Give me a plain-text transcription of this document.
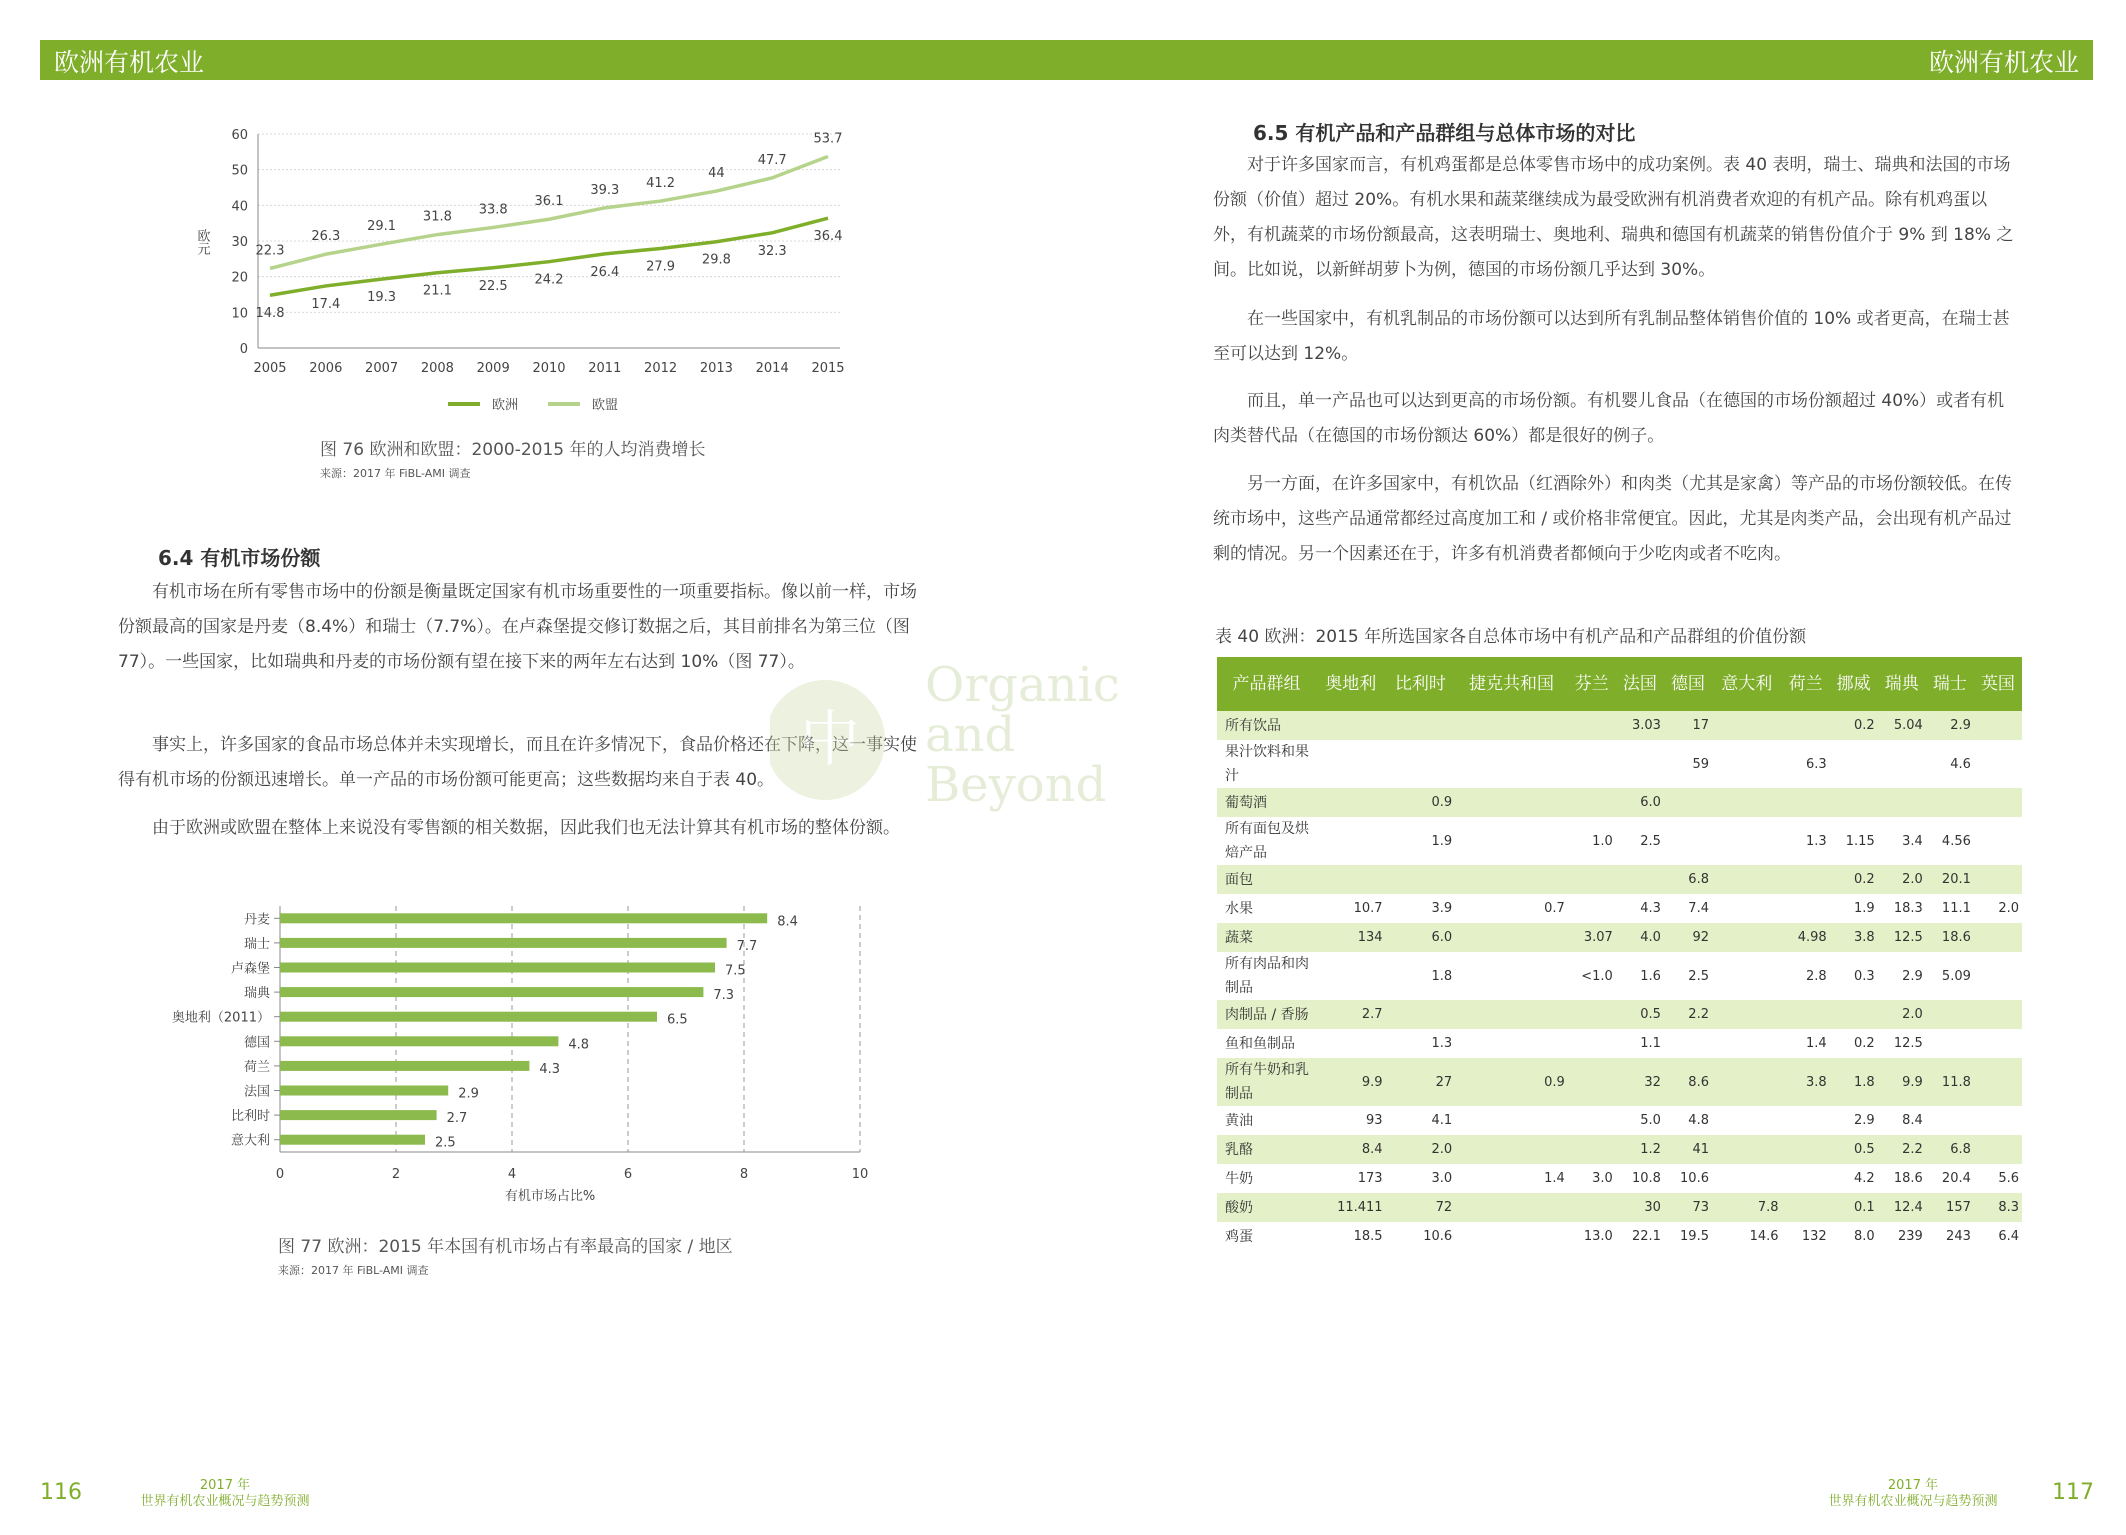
欧洲有机农业	欧洲有机农业
0
10
20
30
40
50
60
欧元
2005 2006 2007 2008 2009 2010 2011 2012 2013 2014 2015
14.8
17.4 19.3 21.1 22.5 24.2
26.4 27.9 29.8
32.3
36.4
22.3
26.3
29.1
31.8 33.8
36.1
39.3 41.2
44
47.7
53.7
欧洲	欧盟
图 76 欧洲和欧盟：2000-2015 年的人均消费增长
来源：2017 年 FiBL-AMI 调查
6.4 有机市场份额
有机市场在所有零售市场中的份额是衡量既定国家有机市场重要性的一项重要指标。像以前一样，市场份额最高的国家是丹麦（8.4%）和瑞士（7.7%）。在卢森堡提交修订数据之后，其目前排名为第三位（图 77）。一些国家，比如瑞典和丹麦的市场份额有望在接下来的两年左右达到 10%（图 77）。
事实上，许多国家的食品市场总体并未实现增长，而且在许多情况下，食品价格还在下降，这一事实使得有机市场的份额迅速增长。单一产品的市场份额可能更高；这些数据均来自于表 40。
由于欧洲或欧盟在整体上来说没有零售额的相关数据，因此我们也无法计算其有机市场的整体份额。
中
Organic
and
Beyond
0	2	4	6	8	10
丹麦	8.4
瑞士	7.7
卢森堡	7.5
瑞典	7.3
奥地利（2011）	6.5
德国	4.8
荷兰	4.3
法国	2.9
比利时	2.7
意大利	2.5
有机市场占比%
图 77 欧洲：2015 年本国有机市场占有率最高的国家 / 地区
来源：2017 年 FiBL-AMI 调查
6.5 有机产品和产品群组与总体市场的对比
对于许多国家而言，有机鸡蛋都是总体零售市场中的成功案例。表 40 表明，瑞士、瑞典和法国的市场份额（价值）超过 20%。有机水果和蔬菜继续成为最受欧洲有机消费者欢迎的有机产品。除有机鸡蛋以外，有机蔬菜的市场份额最高，这表明瑞士、奥地利、瑞典和德国有机蔬菜的销售份值介于 9% 到 18% 之间。比如说，以新鲜胡萝卜为例，德国的市场份额几乎达到 30%。
在一些国家中，有机乳制品的市场份额可以达到所有乳制品整体销售价值的 10% 或者更高，在瑞士甚至可以达到 12%。
而且，单一产品也可以达到更高的市场份额。有机婴儿食品（在德国的市场份额超过 40%）或者有机肉类替代品（在德国的市场份额达 60%）都是很好的例子。
另一方面，在许多国家中，有机饮品（红酒除外）和肉类（尤其是家禽）等产品的市场份额较低。在传统市场中，这些产品通常都经过高度加工和 / 或价格非常便宜。因此，尤其是肉类产品，会出现有机产品过剩的情况。另一个因素还在于，许多有机消费者都倾向于少吃肉或者不吃肉。
表 40 欧洲：2015 年所选国家各自总体市场中有机产品和产品群组的价值份额
产品群组	奥地利	比利时	捷克共和国	芬兰	法国	德国	意大利	荷兰	挪威	瑞典	瑞士	英国
所有饮品					3.03	17			0.2	5.04	2.9	
果汁饮料和果汁						59		6.3			4.6	
葡萄酒		0.9			6.0							
所有面包及烘焙产品		1.9		1.0	2.5			1.3	1.15	3.4	4.56	
面包						6.8			0.2	2.0	20.1	
水果	10.7	3.9	0.7		4.3	7.4			1.9	18.3	11.1	2.0
蔬菜	134	6.0		3.07	4.0	92		4.98	3.8	12.5	18.6	
所有肉品和肉制品		1.8		<1.0	1.6	2.5		2.8	0.3	2.9	5.09	
肉制品 / 香肠	2.7				0.5	2.2				2.0		
鱼和鱼制品		1.3			1.1			1.4	0.2	12.5		
所有牛奶和乳制品	9.9	27	0.9		32	8.6		3.8	1.8	9.9	11.8	
黄油	93	4.1			5.0	4.8			2.9	8.4		
乳酪	8.4	2.0			1.2	41			0.5	2.2	6.8	
牛奶	173	3.0	1.4	3.0	10.8	10.6			4.2	18.6	20.4	5.6
酸奶	11.411	72			30	73	7.8		0.1	12.4	157	8.3
鸡蛋	18.5	10.6		13.0	22.1	19.5	14.6	132	8.0	239	243	6.4
116	2017 年
世界有机农业概况与趋势预测
2017 年
世界有机农业概况与趋势预测	117
